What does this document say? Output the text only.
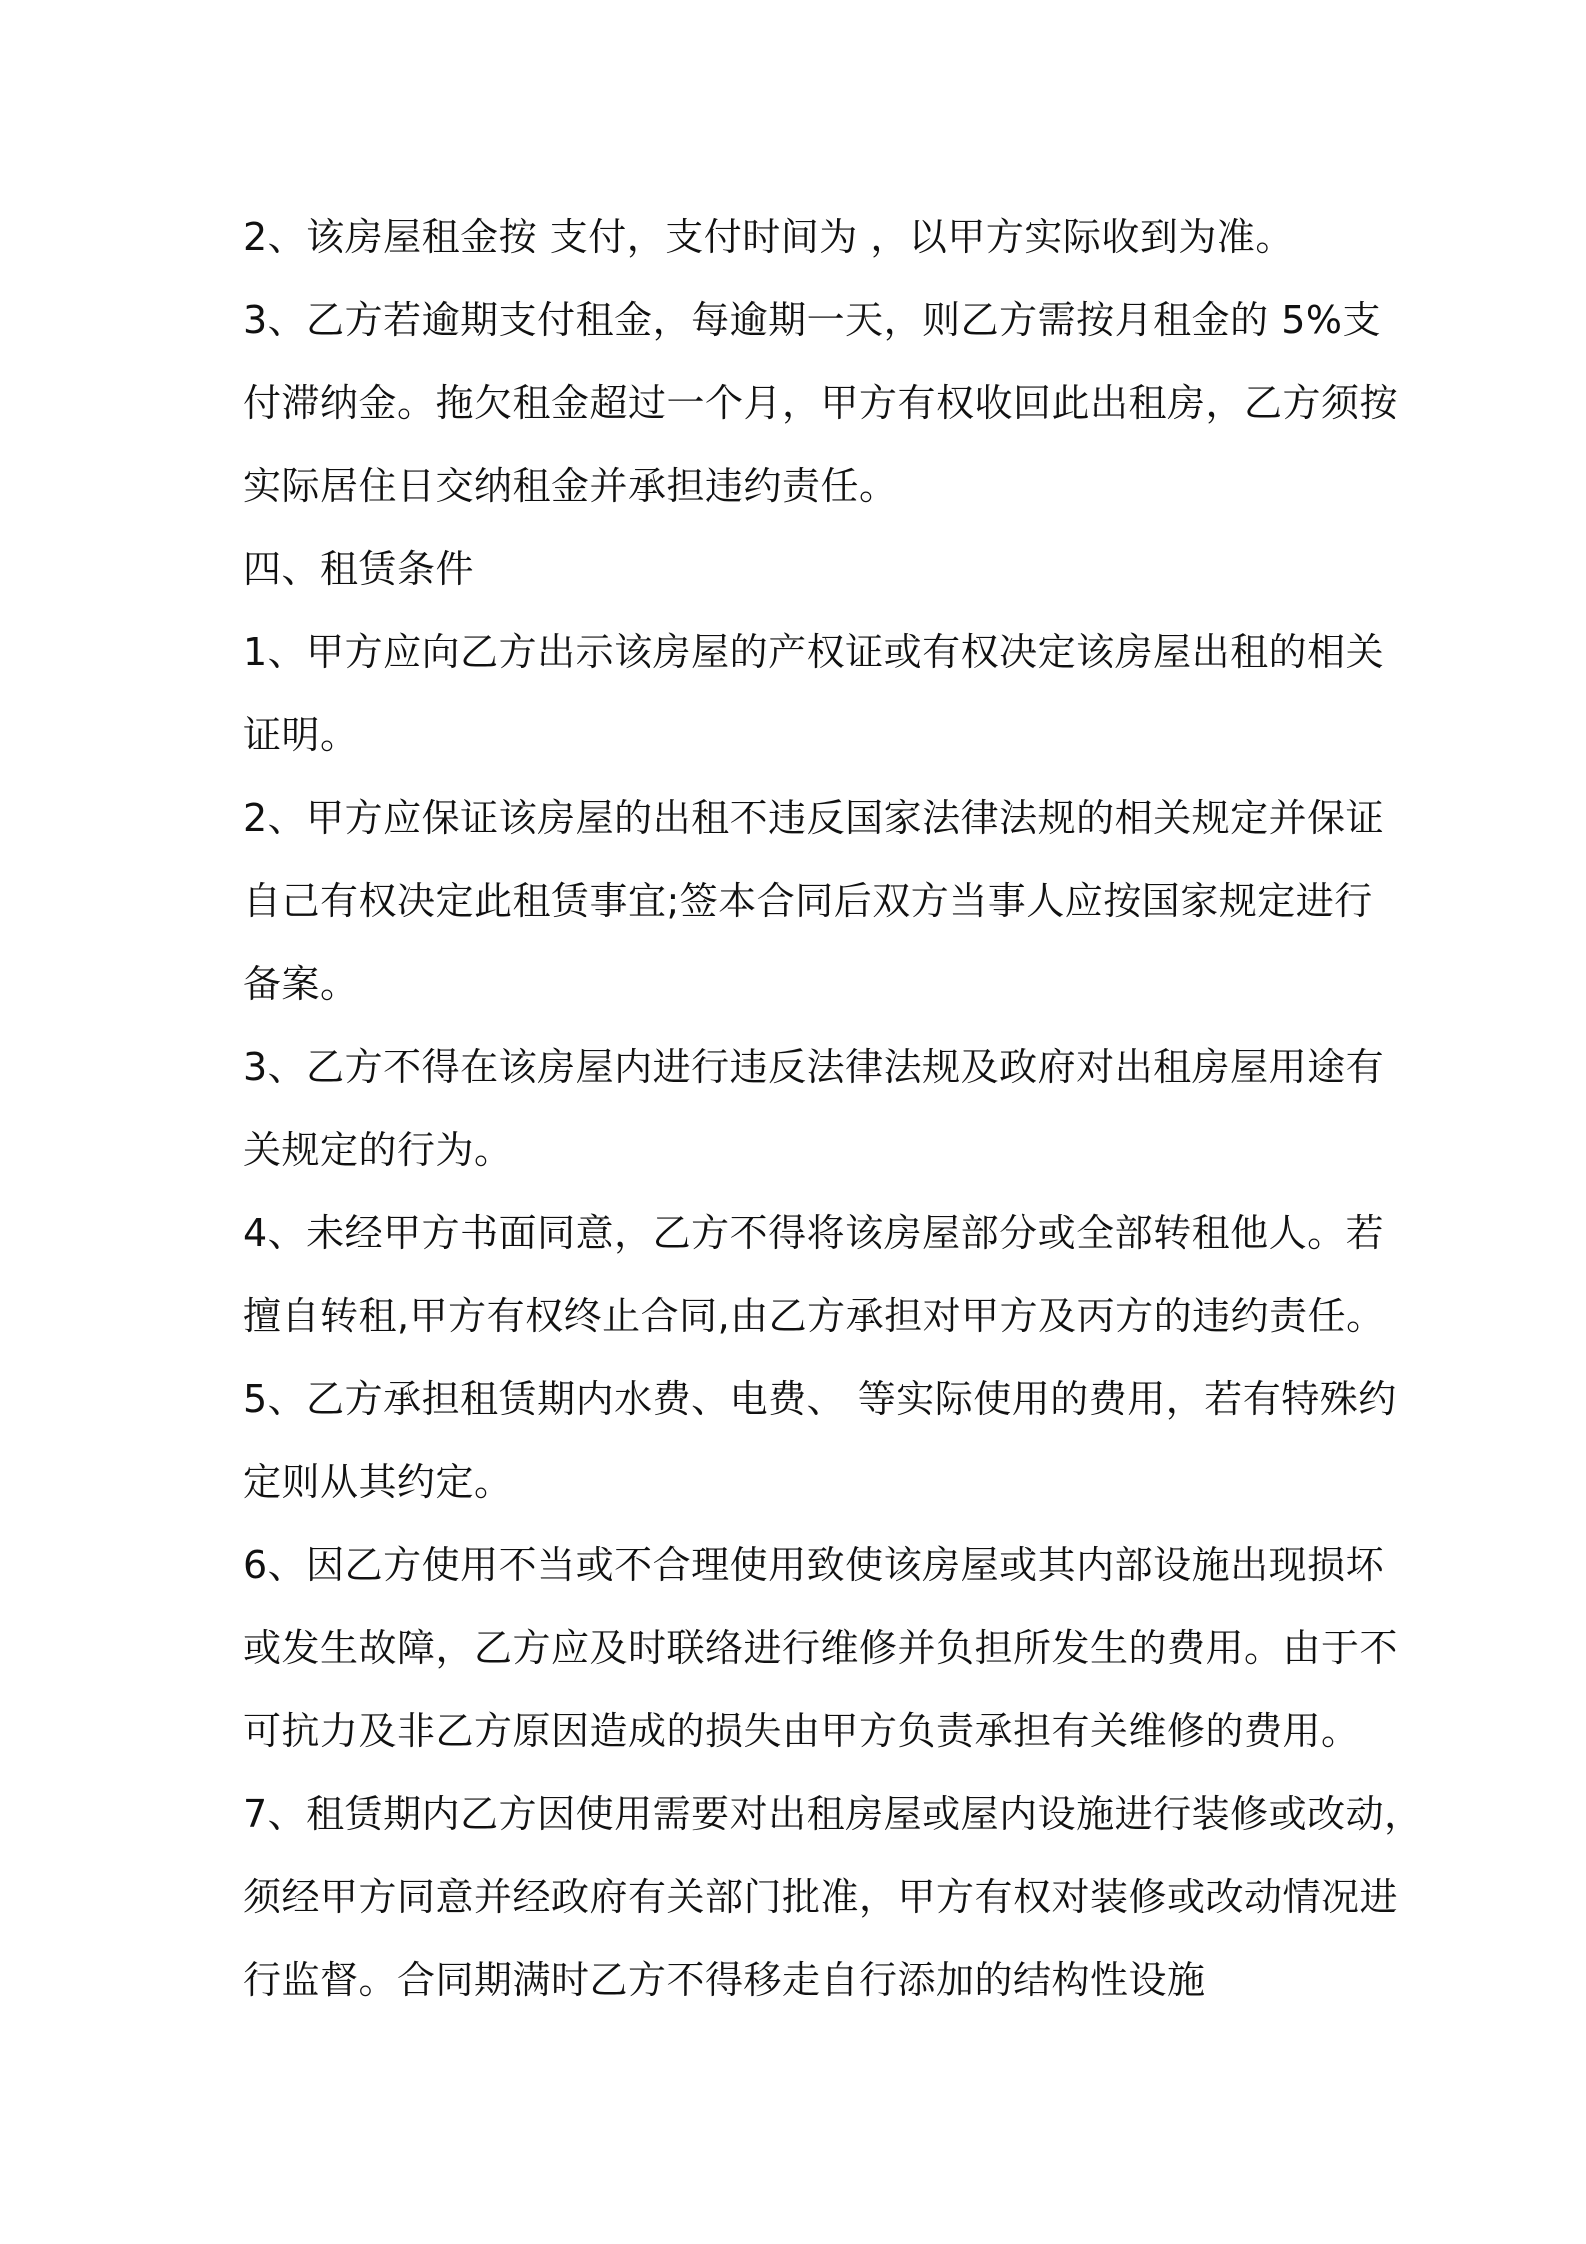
2、该房屋租金按 支付，支付时间为 ，以甲方实际收到为准。
3、乙方若逾期支付租金，每逾期一天，则乙方需按月租金的 5%支
付滞纳金。拖欠租金超过一个月，甲方有权收回此出租房，乙方须按
实际居住日交纳租金并承担违约责任。
四、租赁条件
1、甲方应向乙方出示该房屋的产权证或有权决定该房屋出租的相关
证明。
2、甲方应保证该房屋的出租不违反国家法律法规的相关规定并保证
自己有权决定此租赁事宜;签本合同后双方当事人应按国家规定进行
备案。
3、乙方不得在该房屋内进行违反法律法规及政府对出租房屋用途有
关规定的行为。
4、未经甲方书面同意，乙方不得将该房屋部分或全部转租他人。若
擅自转租,甲方有权终止合同,由乙方承担对甲方及丙方的违约责任。
5、乙方承担租赁期内水费、电费、 等实际使用的费用，若有特殊约
定则从其约定。
6、因乙方使用不当或不合理使用致使该房屋或其内部设施出现损坏
或发生故障，乙方应及时联络进行维修并负担所发生的费用。由于不
可抗力及非乙方原因造成的损失由甲方负责承担有关维修的费用。
7、租赁期内乙方因使用需要对出租房屋或屋内设施进行装修或改动，
须经甲方同意并经政府有关部门批准，甲方有权对装修或改动情况进
行监督。合同期满时乙方不得移走自行添加的结构性设施
